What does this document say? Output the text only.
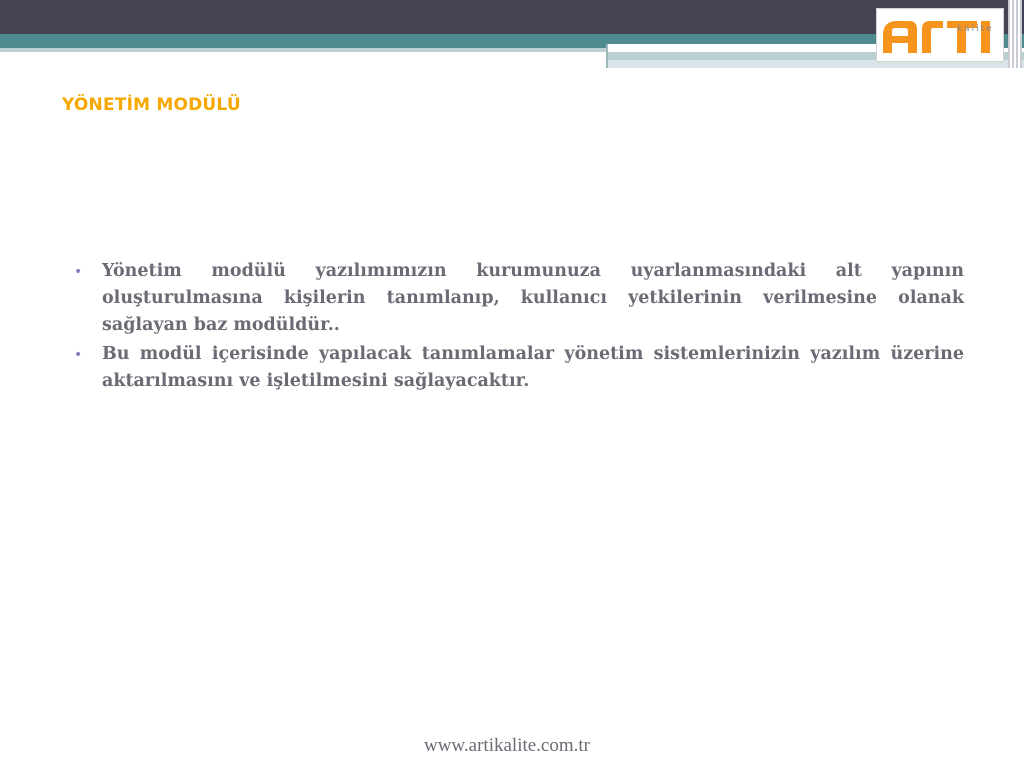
kalite
YÖNETİM MODÜLÜ
• Yönetim modülü yazılımımızın kurumunuza uyarlanmasındaki alt yapının oluşturulmasına kişilerin tanımlanıp, kullanıcı yetkilerinin verilmesine olanak sağlayan baz modüldür..
• Bu modül içerisinde yapılacak tanımlamalar yönetim sistemlerinizin yazılım üzerine aktarılmasını ve işletilmesini sağlayacaktır.
www.artikalite.com.tr
